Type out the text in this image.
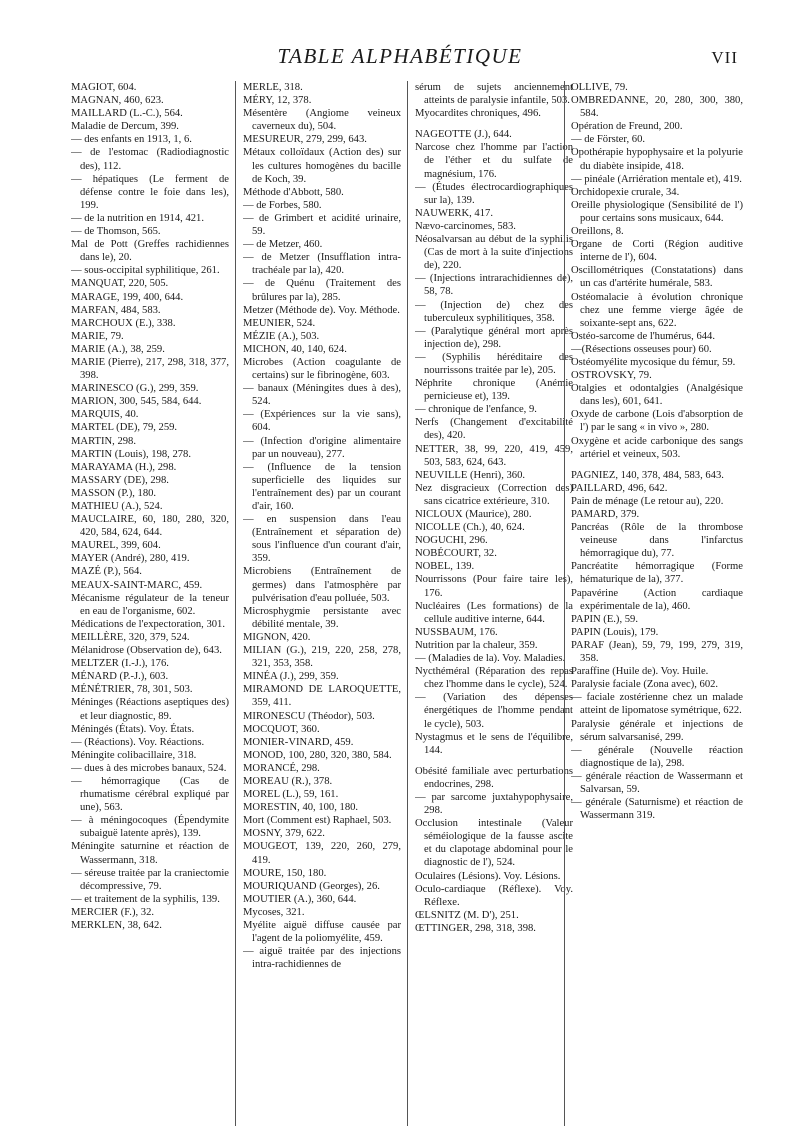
TABLE ALPHABÉTIQUE	VII
MAGIOT, 604.
MAGNAN, 460, 623.
MAILLARD (L.-C.), 564.
Maladie de Dercum, 399.
— des enfants en 1913, 1, 6.
— de l'estomac (Radiodiagnostic des), 112.
— hépatiques (Le ferment de défense contre le foie dans les), 199.
— de la nutrition en 1914, 421.
— de Thomson, 565.
Mal de Pott (Greffes rachidiennes dans le), 20.
— sous-occipital syphilitique, 261.
MANQUAT, 220, 505.
MARAGE, 199, 400, 644.
MARFAN, 484, 583.
MARCHOUX (E.), 338.
MARIE, 79.
MARIE (A.), 38, 259.
MARIE (Pierre), 217, 298, 318, 377, 398.
MARINESCO (G.), 299, 359.
MARION, 300, 545, 584, 644.
MARQUIS, 40.
MARTEL (DE), 79, 259.
MARTIN, 298.
MARTIN (Louis), 198, 278.
MARAYAMA (H.), 298.
MASSARY (DE), 298.
MASSON (P.), 180.
MATHIEU (A.), 524.
MAUCLAIRE, 60, 180, 280, 320, 420, 584, 624, 644.
MAUREL, 399, 604.
MAYER (André), 280, 419.
MAZÉ (P.), 564.
MEAUX-SAINT-MARC, 459.
Mécanisme régulateur de la teneur en eau de l'organisme, 602.
Médications de l'expectoration, 301.
MEILLÈRE, 320, 379, 524.
Mélanidrose (Observation de), 643.
MELTZER (I.-J.), 176.
MÉNARD (P.-J.), 603.
MÉNÉTRIER, 78, 301, 503.
Méninges (Réactions aseptiques des) et leur diagnostic, 89.
Méningés (États). Voy. États.
— (Réactions). Voy. Réactions.
Méningite colibacillaire, 318.
— dues à des microbes banaux, 524.
— hémorragique (Cas de rhumatisme cérébral expliqué par une), 563.
— à méningocoques (Épendymite subaiguë latente après), 139.
Méningite saturnine et réaction de Wassermann, 318.
— séreuse traitée par la craniectomie décompressive, 79.
— et traitement de la syphilis, 139.
MERCIER (F.), 32.
MERKLEN, 38, 642.
MERLE, 318.
MÉRY, 12, 378.
Mésentère (Angiome veineux caverneux du), 504.
MESUREUR, 279, 299, 643.
Métaux colloïdaux (Action des) sur les cultures homogènes du bacille de Koch, 39.
Méthode d'Abbott, 580.
— de Forbes, 580.
— de Grimbert et acidité urinaire, 59.
— de Metzer, 460.
— de Metzer (Insufflation intra-trachéale par la), 420.
— de Quénu (Traitement des brûlures par la), 285.
Metzer (Méthode de). Voy. Méthode.
MEUNIER, 524.
MÉZIE (A.), 503.
MICHON, 40, 140, 624.
Microbes (Action coagulante de certains) sur le fibrinogène, 603.
— banaux (Méningites dues à des), 524.
— (Expériences sur la vie sans), 604.
— (Infection d'origine alimentaire par un nouveau), 277.
— (Influence de la tension superficielle des liquides sur l'entraînement des) par un courant d'air, 160.
— en suspension dans l'eau (Entraînement et séparation de) sous l'influence d'un courant d'air, 359.
Microbiens (Entraînement de germes) dans l'atmosphère par pulvérisation d'eau polluée, 503.
Microsphygmie persistante avec débilité mentale, 39.
MIGNON, 420.
MILIAN (G.), 219, 220, 258, 278, 321, 353, 358.
MINÉA (J.), 299, 359.
MIRAMOND DE LAROQUETTE, 359, 411.
MIRONESCU (Théodor), 503.
MOCQUOT, 360.
MONIER-VINARD, 459.
MONOD, 100, 280, 320, 380, 584.
MORANCÉ, 298.
MOREAU (R.), 378.
MOREL (L.), 59, 161.
MORESTIN, 40, 100, 180.
Mort (Comment est) Raphael, 503.
MOSNY, 379, 622.
MOUGEOT, 139, 220, 260, 279, 419.
MOURE, 150, 180.
MOURIQUAND (Georges), 26.
MOUTIER (A.), 360, 644.
Mycoses, 321.
Myélite aiguë diffuse causée par l'agent de la poliomyélite, 459.
— aiguë traitée par des injections intra-rachidiennes de
sérum de sujets anciennement atteints de paralysie infantile, 503.
Myocardites chroniques, 496.
NAGEOTTE (J.), 644.
Narcose chez l'homme par l'action de l'éther et du sulfate de magnésium, 176.
— (Études électrocardiographiques sur la), 139.
NAUWERK, 417.
Nævo-carcinomes, 583.
Néosalvarsan au début de la syphilis (Cas de mort à la suite d'injections de), 220.
— (Injections intrarachidiennes de), 58, 78.
— (Injection de) chez des tuberculeux syphilitiques, 358.
— (Paralytique général mort après injection de), 298.
— (Syphilis héréditaire des nourrissons traitée par le), 205.
Néphrite chronique (Anémie pernicieuse et), 139.
— chronique de l'enfance, 9.
Nerfs (Changement d'excitabilité des), 420.
NETTER, 38, 99, 220, 419, 459, 503, 583, 624, 643.
NEUVILLE (Henri), 360.
Nez disgracieux (Correction des) sans cicatrice extérieure, 310.
NICLOUX (Maurice), 280.
NICOLLE (Ch.), 40, 624.
NOGUCHI, 296.
NOBÉCOURT, 32.
NOBEL, 139.
Nourrissons (Pour faire taire les), 176.
Nucléaires (Les formations) de la cellule auditive interne, 644.
NUSSBAUM, 176.
Nutrition par la chaleur, 359.
— (Maladies de la). Voy. Maladies.
Nycthéméral (Réparation des repas chez l'homme dans le cycle), 524.
— (Variation des dépenses énergétiques de l'homme pendant le cycle), 503.
Nystagmus et le sens de l'équilibre, 144.
Obésité familiale avec perturbations endocrines, 298.
— par sarcome juxtahypophysaire, 298.
Occlusion intestinale (Valeur séméiologique de la fausse ascite et du clapotage abdominal pour le diagnostic de l'), 524.
Oculaires (Lésions). Voy. Lésions.
Oculo-cardiaque (Réflexe). Voy. Réflexe.
ŒLSNITZ (M. D'), 251.
ŒTTINGER, 298, 318, 398.
OLLIVE, 79.
OMBREDANNE, 20, 280, 300, 380, 584.
Opération de Freund, 200.
— de Förster, 60.
Opothérapie hypophysaire et la polyurie du diabète insipide, 418.
— pinéale (Arriération mentale et), 419.
Orchidopexie crurale, 34.
Oreille physiologique (Sensibilité de l') pour certains sons musicaux, 644.
Oreillons, 8.
Organe de Corti (Région auditive interne de l'), 604.
Oscillométriques (Constatations) dans un cas d'artérite humérale, 583.
Ostéomalacie à évolution chronique chez une femme vierge âgée de soixante-sept ans, 622.
Ostéo-sarcome de l'humérus, 644.
—(Résections osseuses pour) 60.
Ostéomyélite mycosique du fémur, 59.
OSTROVSKY, 79.
Otalgies et odontalgies (Analgésique dans les), 601, 641.
Oxyde de carbone (Lois d'absorption de l') par le sang « in vivo », 280.
Oxygène et acide carbonique des sangs artériel et veineux, 503.
PAGNIEZ, 140, 378, 484, 583, 643.
PAILLARD, 496, 642.
Pain de ménage (Le retour au), 220.
PAMARD, 379.
Pancréas (Rôle de la thrombose veineuse dans l'infarctus hémorragique du), 77.
Pancréatite hémorragique (Forme hématurique de la), 377.
Papavérine (Action cardiaque expérimentale de la), 460.
PAPIN (E.), 59.
PAPIN (Louis), 179.
PARAF (Jean), 59, 79, 199, 279, 319, 358.
Paraffine (Huile de). Voy. Huile.
Paralysie faciale (Zona avec), 602.
— faciale zostérienne chez un malade atteint de lipomatose symétrique, 622.
Paralysie générale et injections de sérum salvarsanisé, 299.
— générale (Nouvelle réaction diagnostique de la), 298.
— générale réaction de Wassermann et Salvarsan, 59.
— générale (Saturnisme) et réaction de Wassermann 319.
